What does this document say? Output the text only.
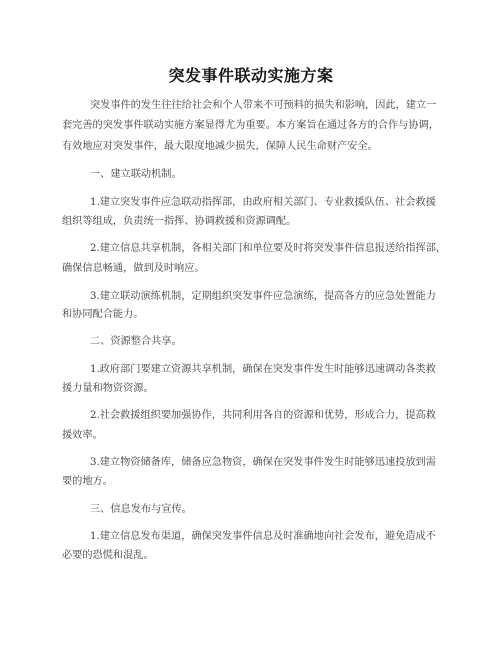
突发事件联动实施方案
突发事件的发生往往给社会和个人带来不可预料的损失和影响，因此，建立一
套完善的突发事件联动实施方案显得尤为重要。本方案旨在通过各方的合作与协调，
有效地应对突发事件，最大限度地减少损失，保障人民生命财产安全。
一、建立联动机制。
1.建立突发事件应急联动指挥部，由政府相关部门、专业救援队伍、社会救援
组织等组成，负责统一指挥、协调救援和资源调配。
2.建立信息共享机制，各相关部门和单位要及时将突发事件信息报送给指挥部，
确保信息畅通，做到及时响应。
3.建立联动演练机制，定期组织突发事件应急演练，提高各方的应急处置能力
和协同配合能力。
二、资源整合共享。
1.政府部门要建立资源共享机制，确保在突发事件发生时能够迅速调动各类救
援力量和物资资源。
2.社会救援组织要加强协作，共同利用各自的资源和优势，形成合力，提高救
援效率。
3.建立物资储备库，储备应急物资，确保在突发事件发生时能够迅速投放到需
要的地方。
三、信息发布与宣传。
1.建立信息发布渠道，确保突发事件信息及时准确地向社会发布，避免造成不
必要的恐慌和混乱。
